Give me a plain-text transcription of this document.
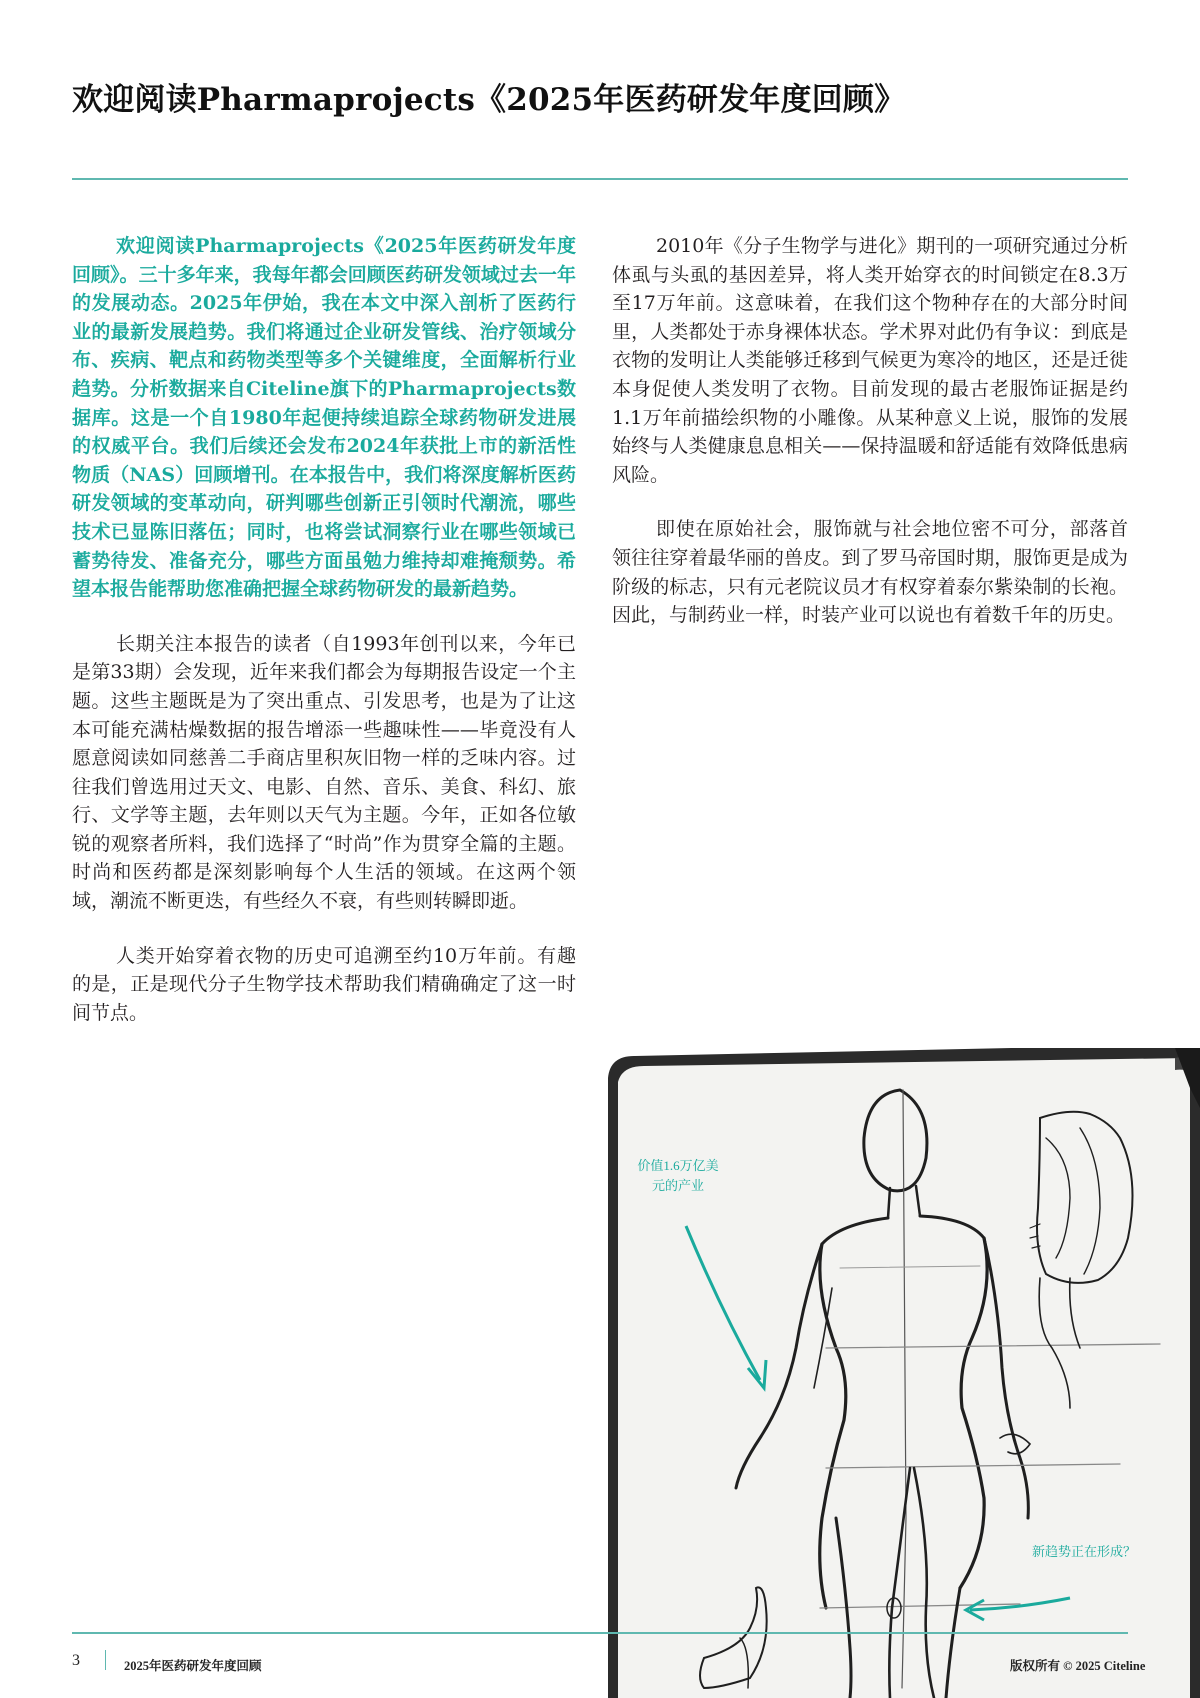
欢迎阅读Pharmaprojects《2025年医药研发年度回顾》

欢迎阅读Pharmaprojects《2025年医药研发年度回顾》。三十多年来，我每年都会回顾医药研发领域过去一年的发展动态。2025年伊始，我在本文中深入剖析了医药行业的最新发展趋势。我们将通过企业研发管线、治疗领域分布、疾病、靶点和药物类型等多个关键维度，全面解析行业趋势。分析数据来自Citeline旗下的Pharmaprojects数据库。这是一个自1980年起便持续追踪全球药物研发进展的权威平台。我们后续还会发布2024年获批上市的新活性物质（NAS）回顾增刊。在本报告中，我们将深度解析医药研发领域的变革动向，研判哪些创新正引领时代潮流，哪些技术已显陈旧落伍；同时，也将尝试洞察行业在哪些领域已蓄势待发、准备充分，哪些方面虽勉力维持却难掩颓势。希望本报告能帮助您准确把握全球药物研发的最新趋势。

长期关注本报告的读者（自1993年创刊以来，今年已是第33期）会发现，近年来我们都会为每期报告设定一个主题。这些主题既是为了突出重点、引发思考，也是为了让这本可能充满枯燥数据的报告增添一些趣味性——毕竟没有人愿意阅读如同慈善二手商店里积灰旧物一样的乏味内容。过往我们曾选用过天文、电影、自然、音乐、美食、科幻、旅行、文学等主题，去年则以天气为主题。今年，正如各位敏锐的观察者所料，我们选择了“时尚”作为贯穿全篇的主题。时尚和医药都是深刻影响每个人生活的领域。在这两个领域，潮流不断更迭，有些经久不衰，有些则转瞬即逝。

人类开始穿着衣物的历史可追溯至约10万年前。有趣的是，正是现代分子生物学技术帮助我们精确确定了这一时间节点。

2010年《分子生物学与进化》期刊的一项研究通过分析体虱与头虱的基因差异，将人类开始穿衣的时间锁定在8.3万至17万年前。这意味着，在我们这个物种存在的大部分时间里，人类都处于赤身裸体状态。学术界对此仍有争议：到底是衣物的发明让人类能够迁移到气候更为寒冷的地区，还是迁徙本身促使人类发明了衣物。目前发现的最古老服饰证据是约1.1万年前描绘织物的小雕像。从某种意义上说，服饰的发展始终与人类健康息息相关——保持温暖和舒适能有效降低患病风险。

即使在原始社会，服饰就与社会地位密不可分，部落首领往往穿着最华丽的兽皮。到了罗马帝国时期，服饰更是成为阶级的标志，只有元老院议员才有权穿着泰尔紫染制的长袍。因此，与制药业一样，时装产业可以说也有着数千年的历史。

价值1.6万亿美
元的产业
新趋势正在形成？
3	2025年医药研发年度回顾	版权所有 © 2025 Citeline
